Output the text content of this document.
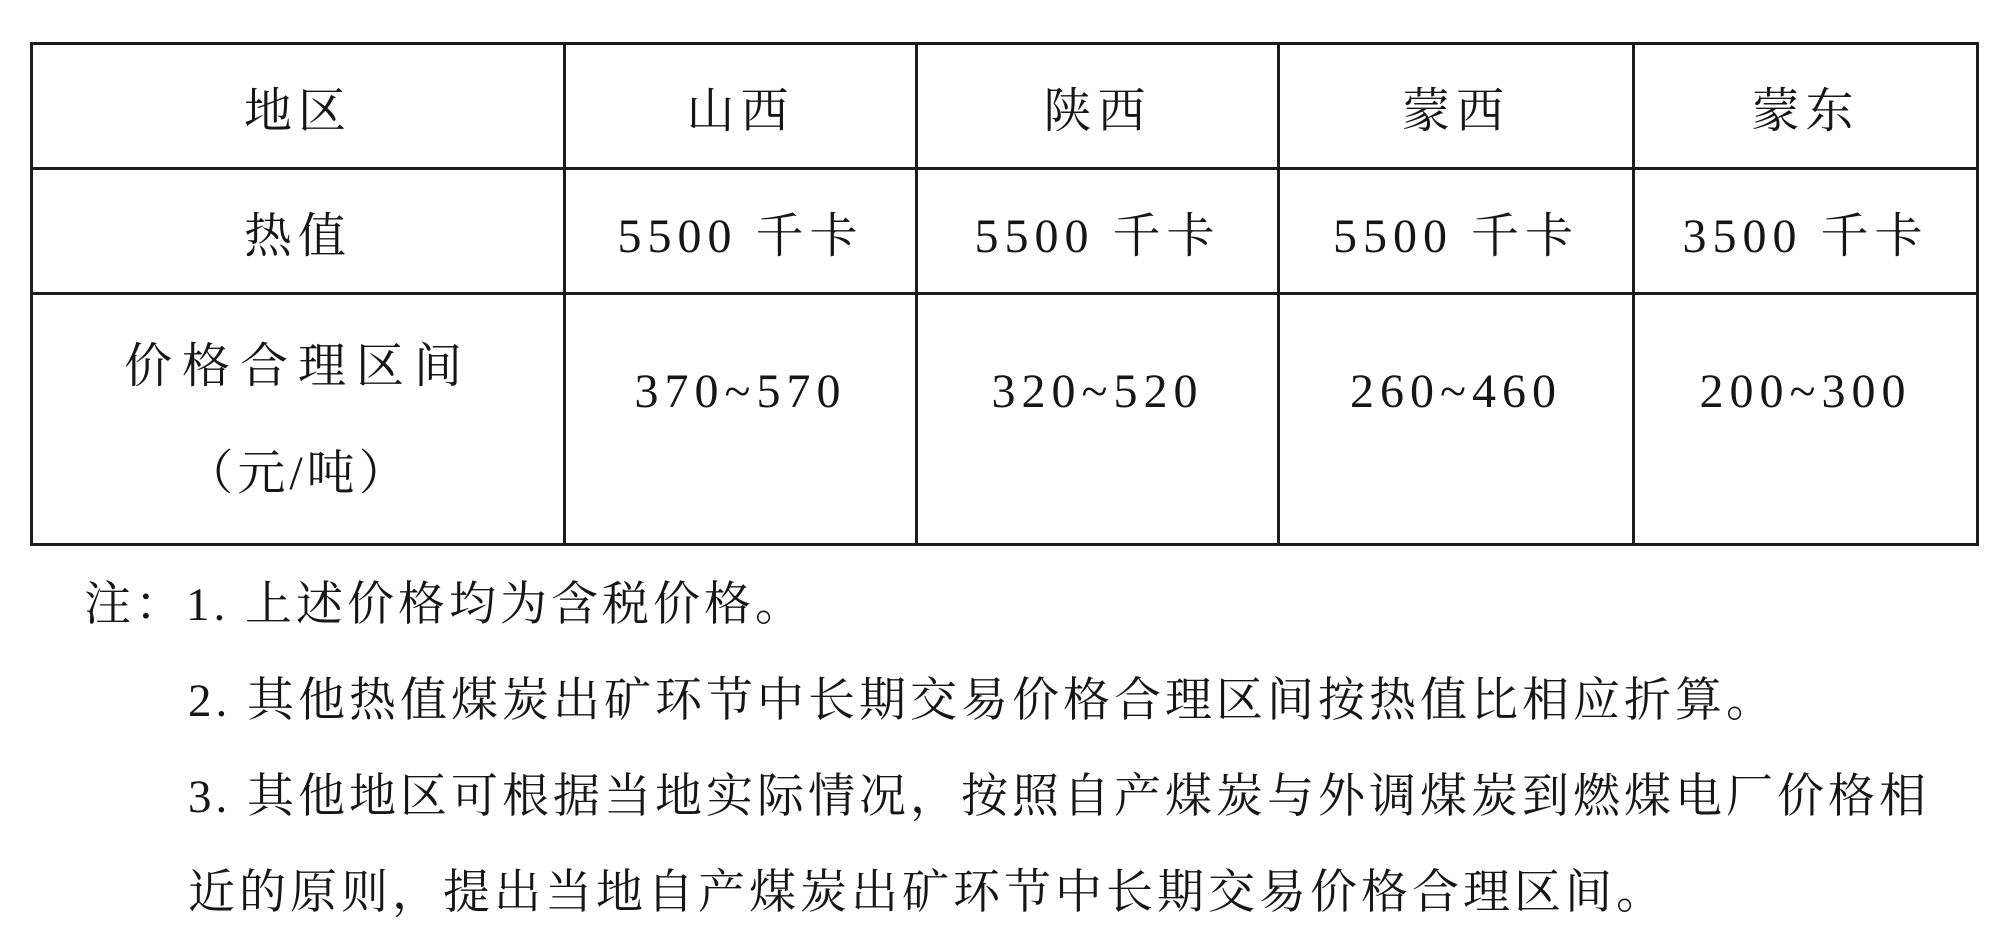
地区	山西	陕西	蒙西	蒙东
热值	5500 千卡	5500 千卡	5500 千卡	3500 千卡

价格合理区间
（元/吨）	370~570	320~520	260~460	200~300
注：1. 上述价格均为含税价格。
2. 其他热值煤炭出矿环节中长期交易价格合理区间按热值比相应折算。
3. 其他地区可根据当地实际情况，按照自产煤炭与外调煤炭到燃煤电厂价格相
近的原则，提出当地自产煤炭出矿环节中长期交易价格合理区间。
